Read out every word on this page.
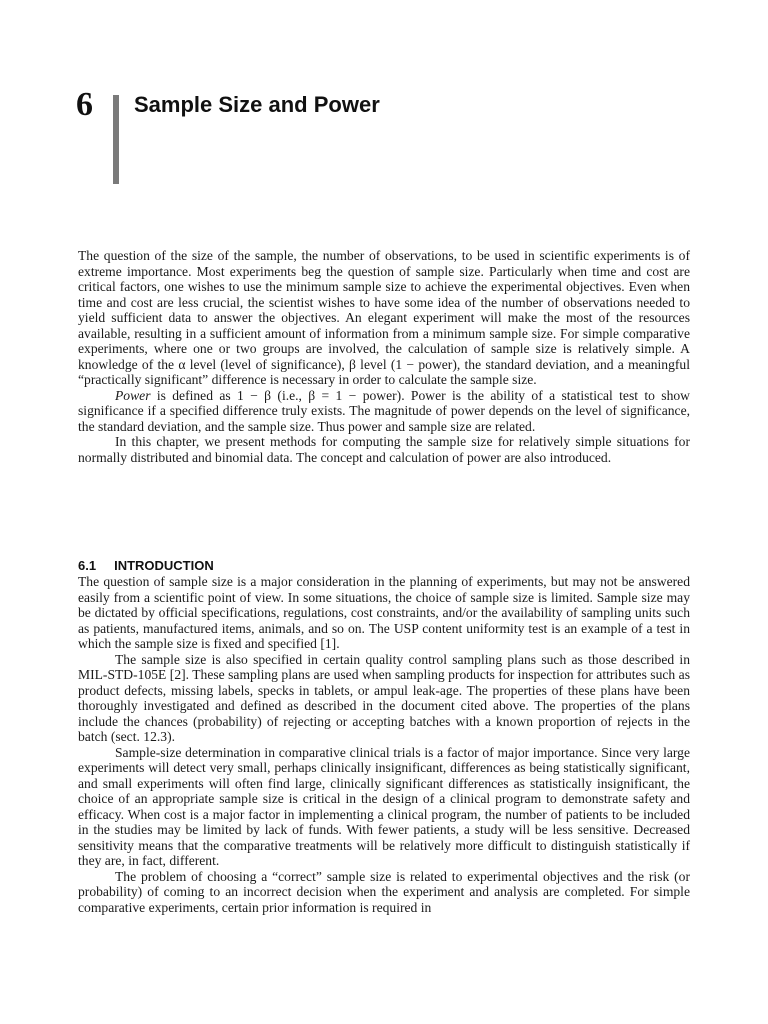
6 Sample Size and Power

The question of the size of the sample, the number of observations, to be used in scientific experiments is of extreme importance. Most experiments beg the question of sample size. Particularly when time and cost are critical factors, one wishes to use the minimum sample size to achieve the experimental objectives. Even when time and cost are less crucial, the scientist wishes to have some idea of the number of observations needed to yield sufficient data to answer the objectives. An elegant experiment will make the most of the resources available, resulting in a sufficient amount of information from a minimum sample size. For simple comparative experiments, where one or two groups are involved, the calculation of sample size is relatively simple. A knowledge of the α level (level of significance), β level (1 − power), the standard deviation, and a meaningful “practically significant” difference is necessary in order to calculate the sample size.

Power is defined as 1 − β (i.e., β = 1 − power). Power is the ability of a statistical test to show significance if a specified difference truly exists. The magnitude of power depends on the level of significance, the standard deviation, and the sample size. Thus power and sample size are related.

In this chapter, we present methods for computing the sample size for relatively simple situations for normally distributed and binomial data. The concept and calculation of power are also introduced.

6.1 INTRODUCTION

The question of sample size is a major consideration in the planning of experiments, but may not be answered easily from a scientific point of view. In some situations, the choice of sample size is limited. Sample size may be dictated by official specifications, regulations, cost constraints, and/or the availability of sampling units such as patients, manufactured items, animals, and so on. The USP content uniformity test is an example of a test in which the sample size is fixed and specified [1].

The sample size is also specified in certain quality control sampling plans such as those described in MIL-STD-105E [2]. These sampling plans are used when sampling products for inspection for attributes such as product defects, missing labels, specks in tablets, or ampul leak-age. The properties of these plans have been thoroughly investigated and defined as described in the document cited above. The properties of the plans include the chances (probability) of rejecting or accepting batches with a known proportion of rejects in the batch (sect. 12.3).

Sample-size determination in comparative clinical trials is a factor of major importance. Since very large experiments will detect very small, perhaps clinically insignificant, differences as being statistically significant, and small experiments will often find large, clinically significant differences as statistically insignificant, the choice of an appropriate sample size is critical in the design of a clinical program to demonstrate safety and efficacy. When cost is a major factor in implementing a clinical program, the number of patients to be included in the studies may be limited by lack of funds. With fewer patients, a study will be less sensitive. Decreased sensitivity means that the comparative treatments will be relatively more difficult to distinguish statistically if they are, in fact, different.

The problem of choosing a “correct” sample size is related to experimental objectives and the risk (or probability) of coming to an incorrect decision when the experiment and analysis are completed. For simple comparative experiments, certain prior information is required in
